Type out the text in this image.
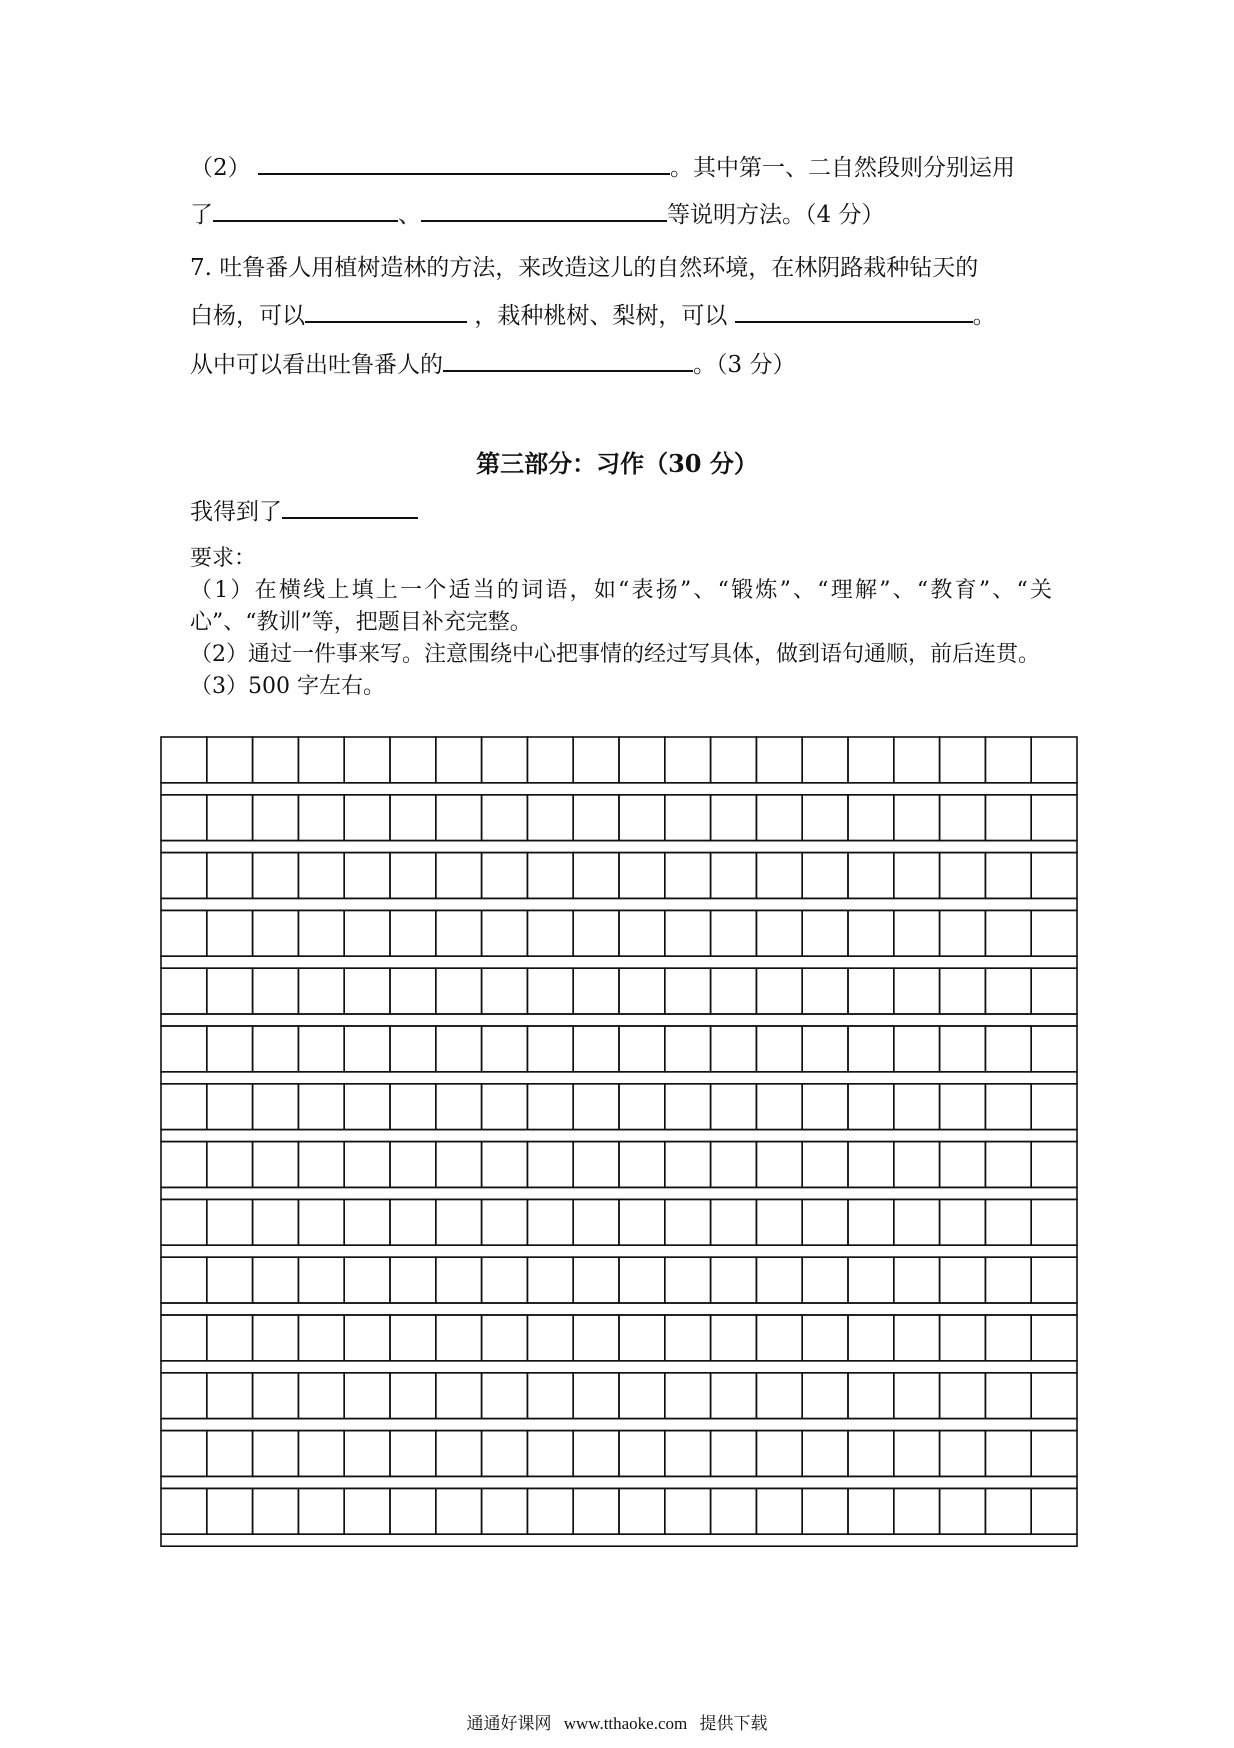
（2）	。其中第一、二自然段则分别运用
了	、	等说明方法。（4 分）
7. 吐鲁番人用植树造林的方法，来改造这儿的自然环境，在林阴路栽种钻天的
白杨，可以	，栽种桃树、梨树，可以	。
从中可以看出吐鲁番人的	。（3 分）
第三部分：习作（30 分）
我得到了

要求：

（1）在横线上填上一个适当的词语，如“表扬”、“锻炼”、“理解”、“教育”、“关心”、“教训”等，把题目补充完整。

（2）通过一件事来写。注意围绕中心把事情的经过写具体，做到语句通顺，前后连贯。

（3）500 字左右。

通通好课网 www.tthaoke.com 提供下载
